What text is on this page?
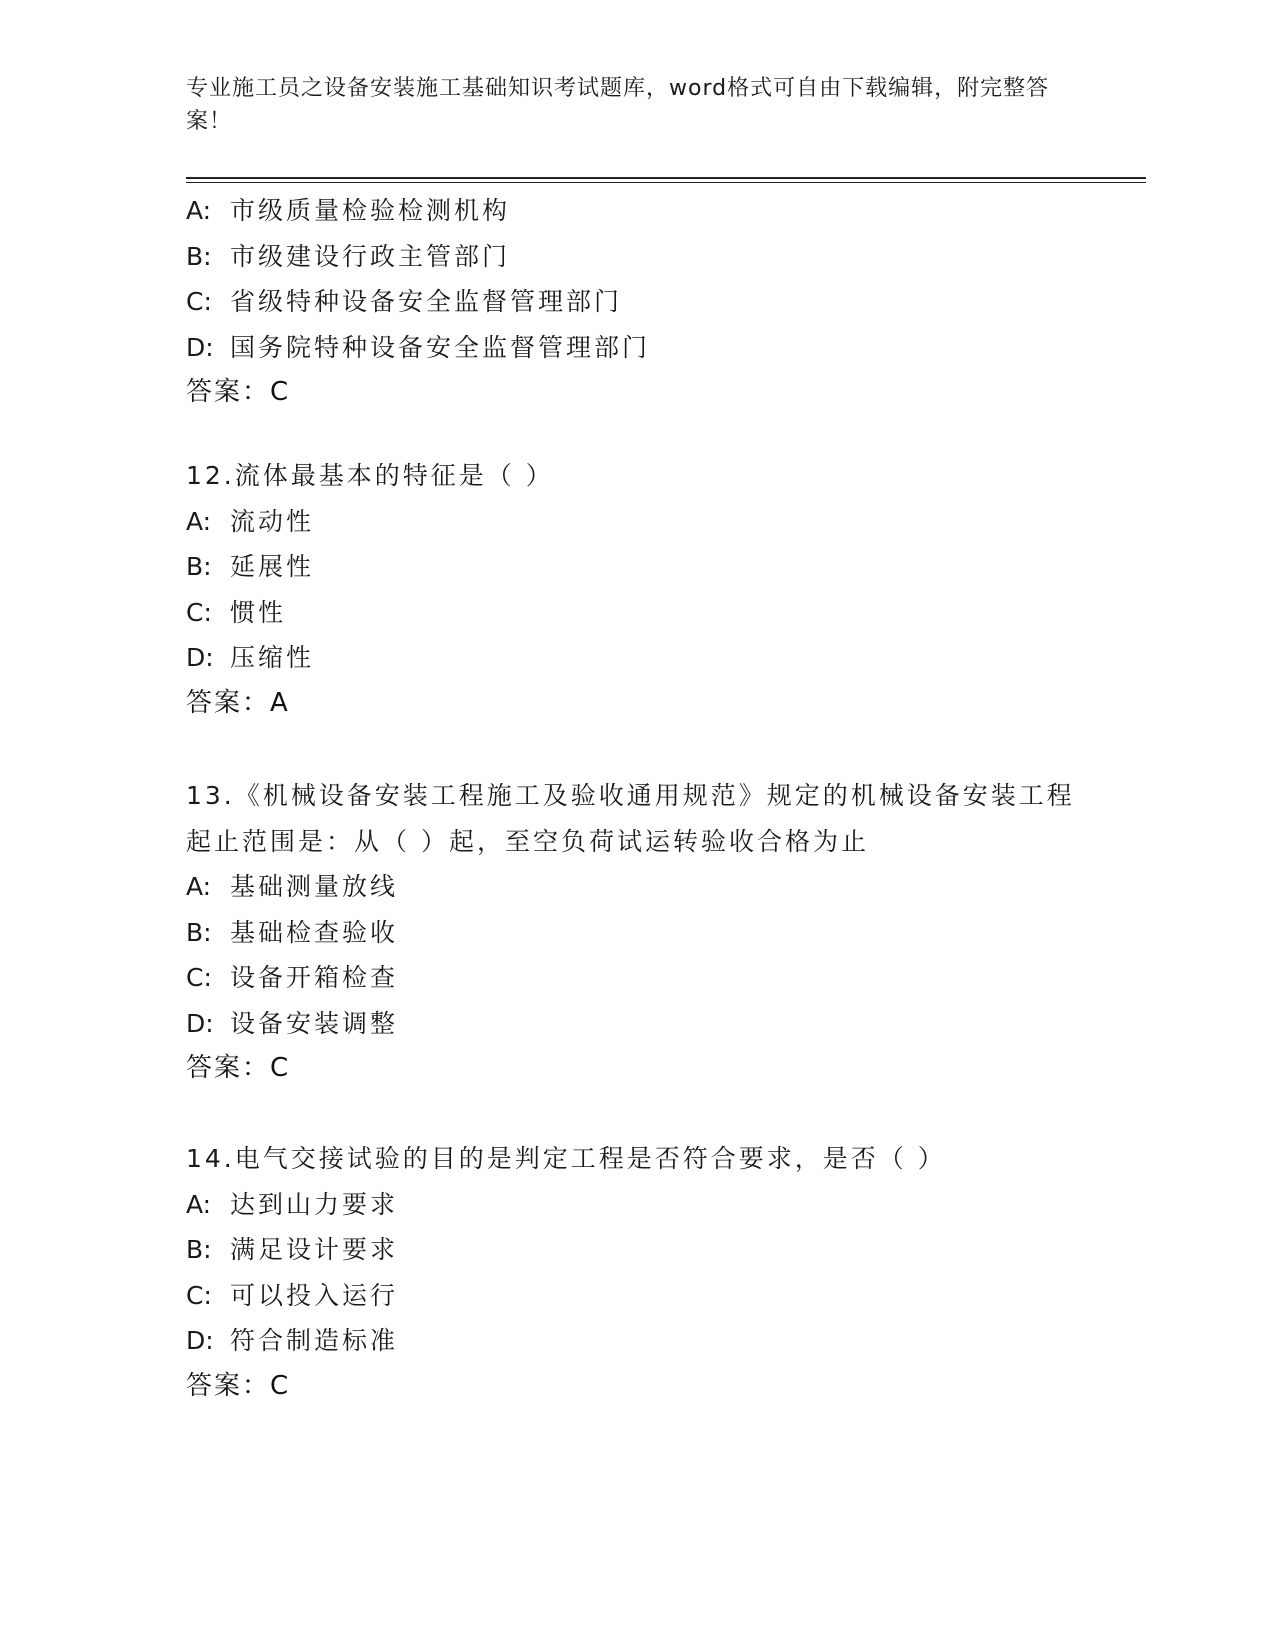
专业施工员之设备安装施工基础知识考试题库，word格式可自由下载编辑，附完整答案！
A: 市级质量检验检测机构
B: 市级建设行政主管部门
C: 省级特种设备安全监督管理部门
D: 国务院特种设备安全监督管理部门
答案：C
12.流体最基本的特征是（ ）
A: 流动性
B: 延展性
C: 惯性
D: 压缩性
答案：A
13.《机械设备安装工程施工及验收通用规范》规定的机械设备安装工程起止范围是：从（ ）起，至空负荷试运转验收合格为止
A: 基础测量放线
B: 基础检查验收
C: 设备开箱检查
D: 设备安装调整
答案：C
14.电气交接试验的目的是判定工程是否符合要求，是否（ ）
A: 达到山力要求
B: 满足设计要求
C: 可以投入运行
D: 符合制造标准
答案：C
